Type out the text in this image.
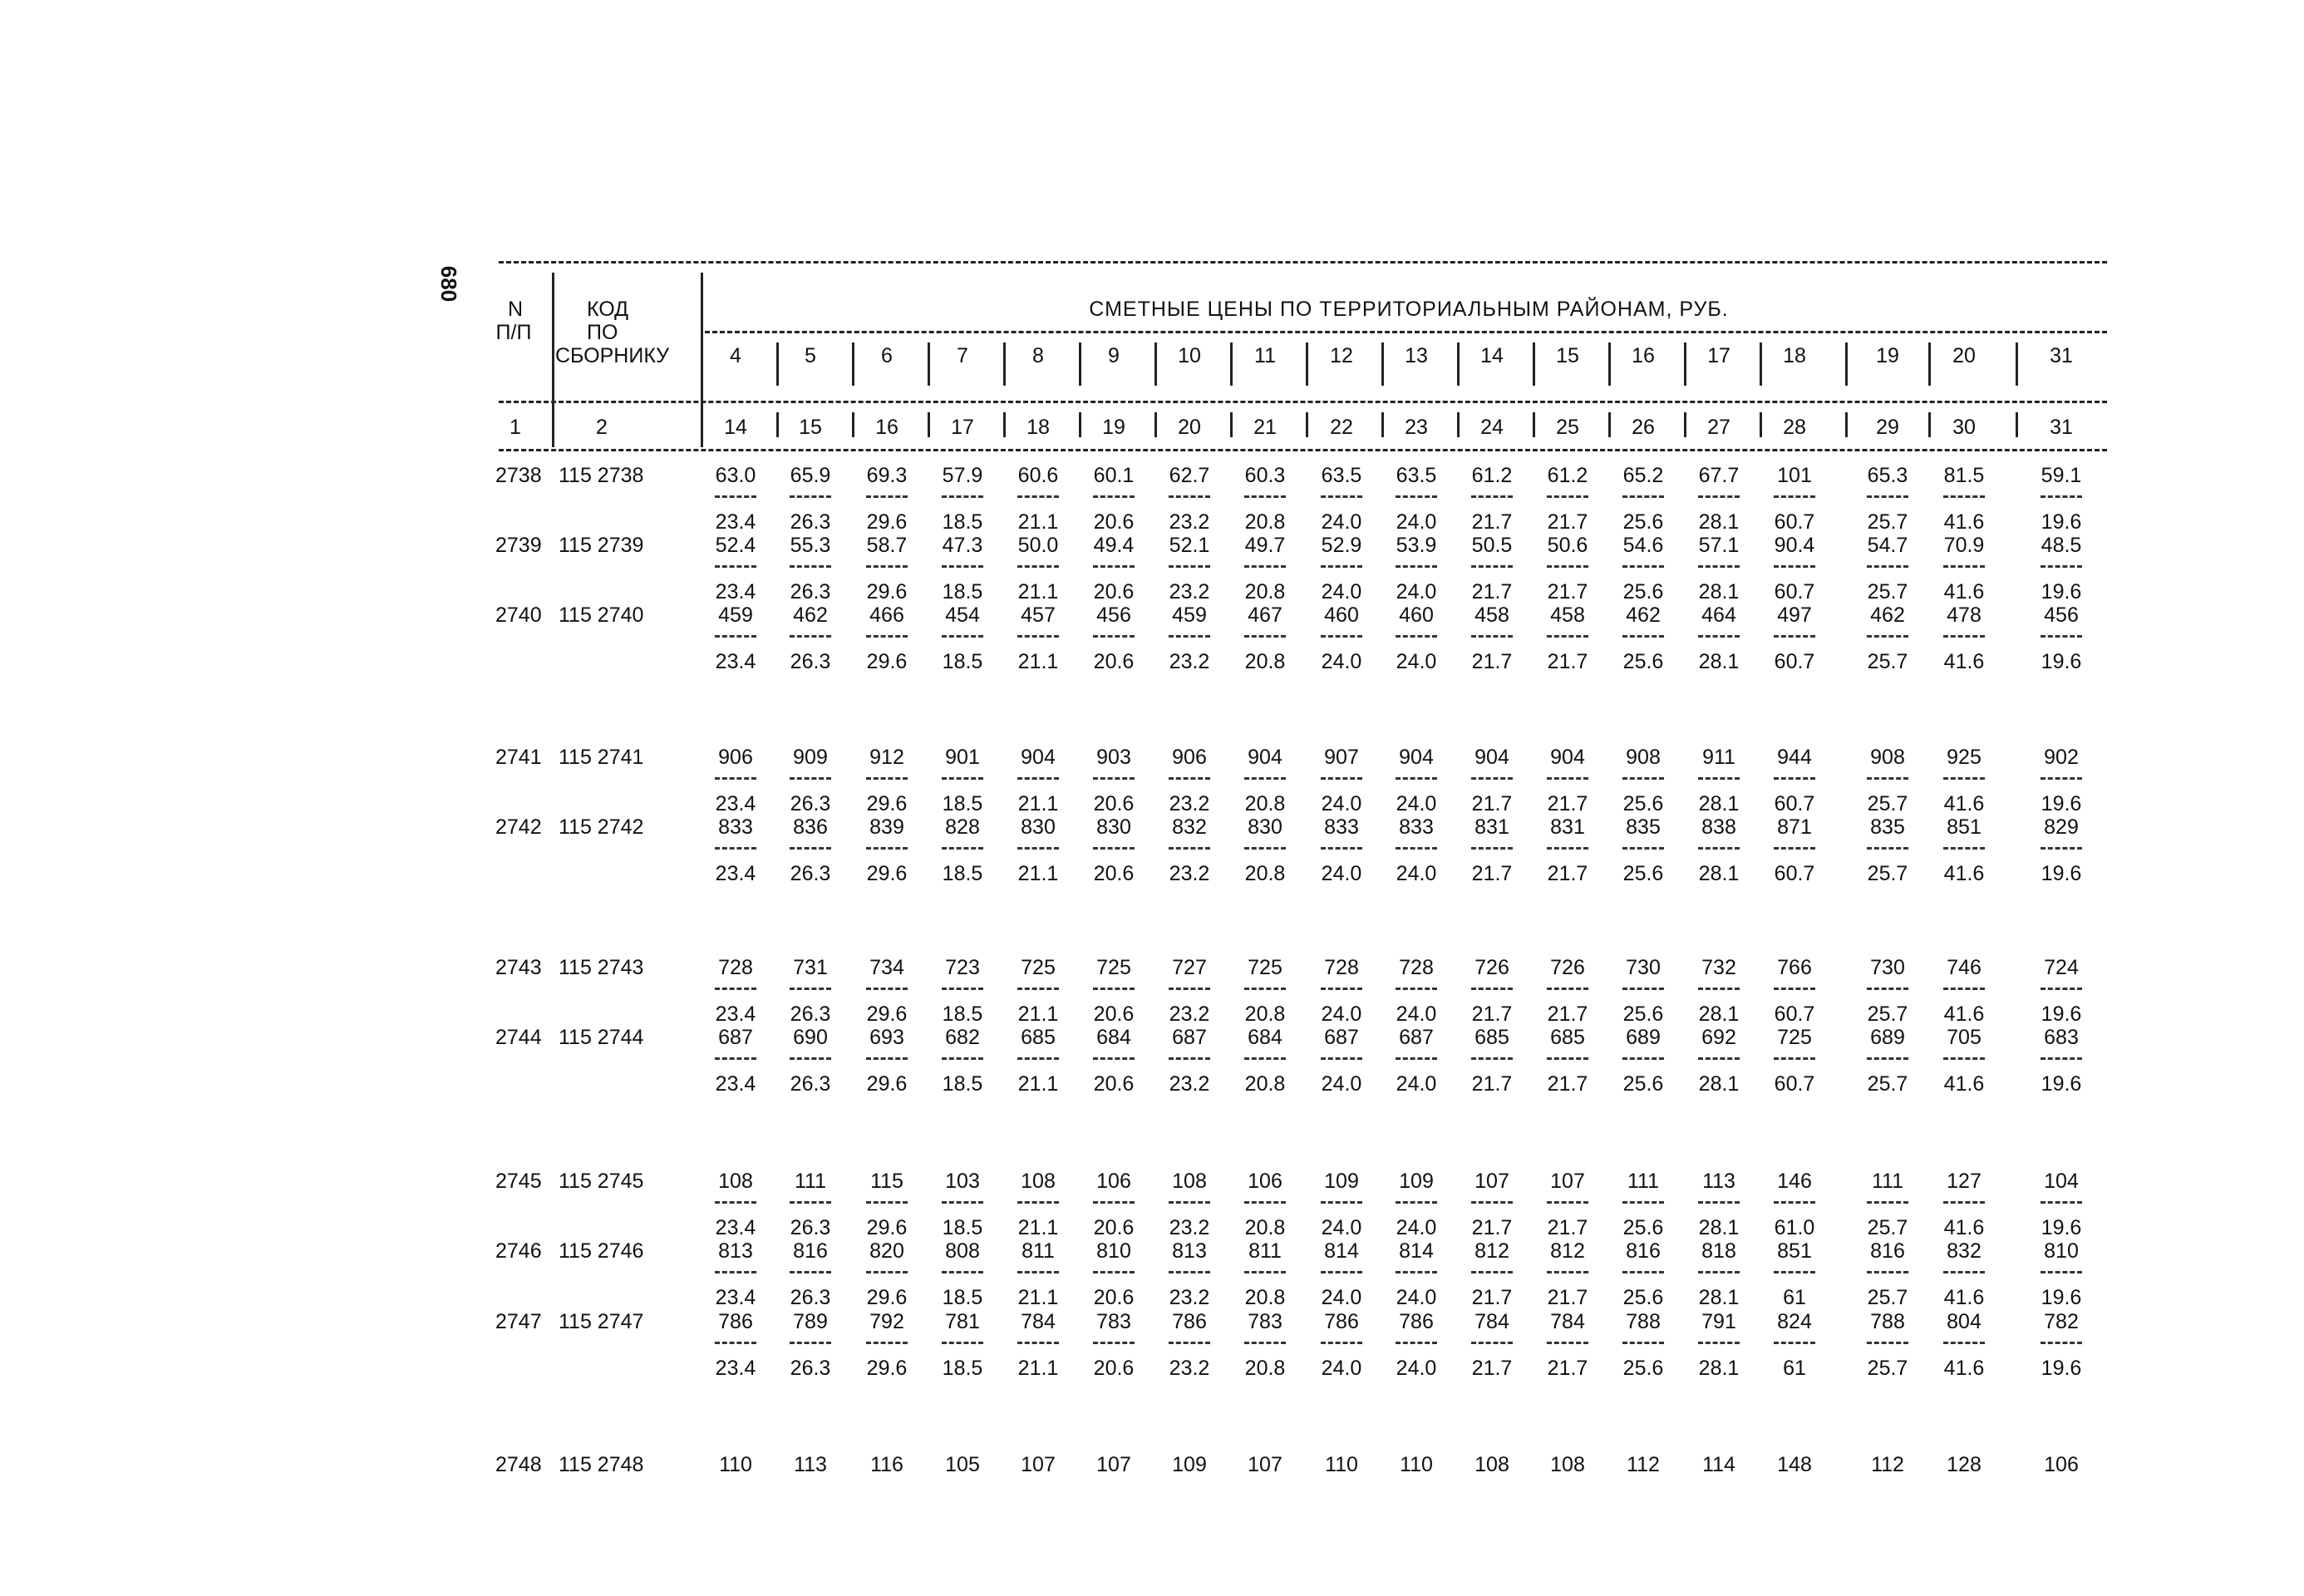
680
N
П/П
КОД
ПО
СБОРНИКУ
СМЕТНЫЕ ЦЕНЫ ПО ТЕРРИТОРИАЛЬНЫМ РАЙОНАМ, РУБ.
4	5	6	7	8	9	10	11	12 13	14	15	16	17	18	19	20	31
1	2	14 15	16	17	18	19	20	21	22 23	24	25	26	27	28	29	30	31
2738 115 2738	63.0 65.9 69.3 57.9 60.6 60.1 62.7 60.3 63.5 63.5 61.2 61.2 65.2 67.7 101	65.3 81.5	59.1
23.4 26.3 29.6 18.5 21.1 20.6 23.2 20.8 24.0 24.0 21.7 21.7 25.6 28.1 60.7	25.7 41.6	19.6
2739 115 2739	52.4 55.3 58.7 47.3 50.0 49.4 52.1 49.7 52.9 53.9 50.5 50.6 54.6 57.1 90.4	54.7 70.9	48.5
23.4 26.3 29.6 18.5 21.1 20.6 23.2 20.8 24.0 24.0 21.7 21.7 25.6 28.1 60.7	25.7 41.6	19.6
2740 115 2740	459 462 466 454 457 456 459 467 460 460 458 458 462 464 497	462 478	456
23.4 26.3 29.6 18.5 21.1 20.6 23.2 20.8 24.0 24.0 21.7 21.7 25.6 28.1 60.7	25.7 41.6	19.6
2741 115 2741	906 909 912 901 904 903 906 904 907 904 904 904 908 911 944	908 925	902
23.4 26.3 29.6 18.5 21.1 20.6 23.2 20.8 24.0 24.0 21.7 21.7 25.6 28.1 60.7	25.7 41.6	19.6
2742 115 2742	833 836 839 828 830 830 832 830 833 833 831 831 835 838 871	835 851	829
23.4 26.3 29.6 18.5 21.1 20.6 23.2 20.8 24.0 24.0 21.7 21.7 25.6 28.1 60.7	25.7 41.6	19.6
2743 115 2743	728 731 734 723 725 725 727 725 728 728 726 726 730 732 766	730 746	724
23.4 26.3 29.6 18.5 21.1 20.6 23.2 20.8 24.0 24.0 21.7 21.7 25.6 28.1 60.7	25.7 41.6	19.6
2744 115 2744	687 690 693 682 685 684 687 684 687 687 685 685 689 692 725	689 705	683
23.4 26.3 29.6 18.5 21.1 20.6 23.2 20.8 24.0 24.0 21.7 21.7 25.6 28.1 60.7	25.7 41.6	19.6
2745 115 2745	108 111 115 103 108 106 108 106 109 109 107 107 111 113 146	111 127	104
23.4 26.3 29.6 18.5 21.1 20.6 23.2 20.8 24.0 24.0 21.7 21.7 25.6 28.1 61.0	25.7 41.6	19.6
2746 115 2746	813 816 820 808 811 810 813 811 814 814 812 812 816 818 851	816 832	810
23.4 26.3 29.6 18.5 21.1 20.6 23.2 20.8 24.0 24.0 21.7 21.7 25.6 28.1 61	25.7 41.6	19.6
2747 115 2747	786 789 792 781 784 783 786 783 786 786 784 784 788 791 824	788 804	782
23.4 26.3 29.6 18.5 21.1 20.6 23.2 20.8 24.0 24.0 21.7 21.7 25.6 28.1 61	25.7 41.6	19.6
2748 115 2748	110 113 116 105 107 107 109 107 110 110 108 108 112 114 148	112 128	106
